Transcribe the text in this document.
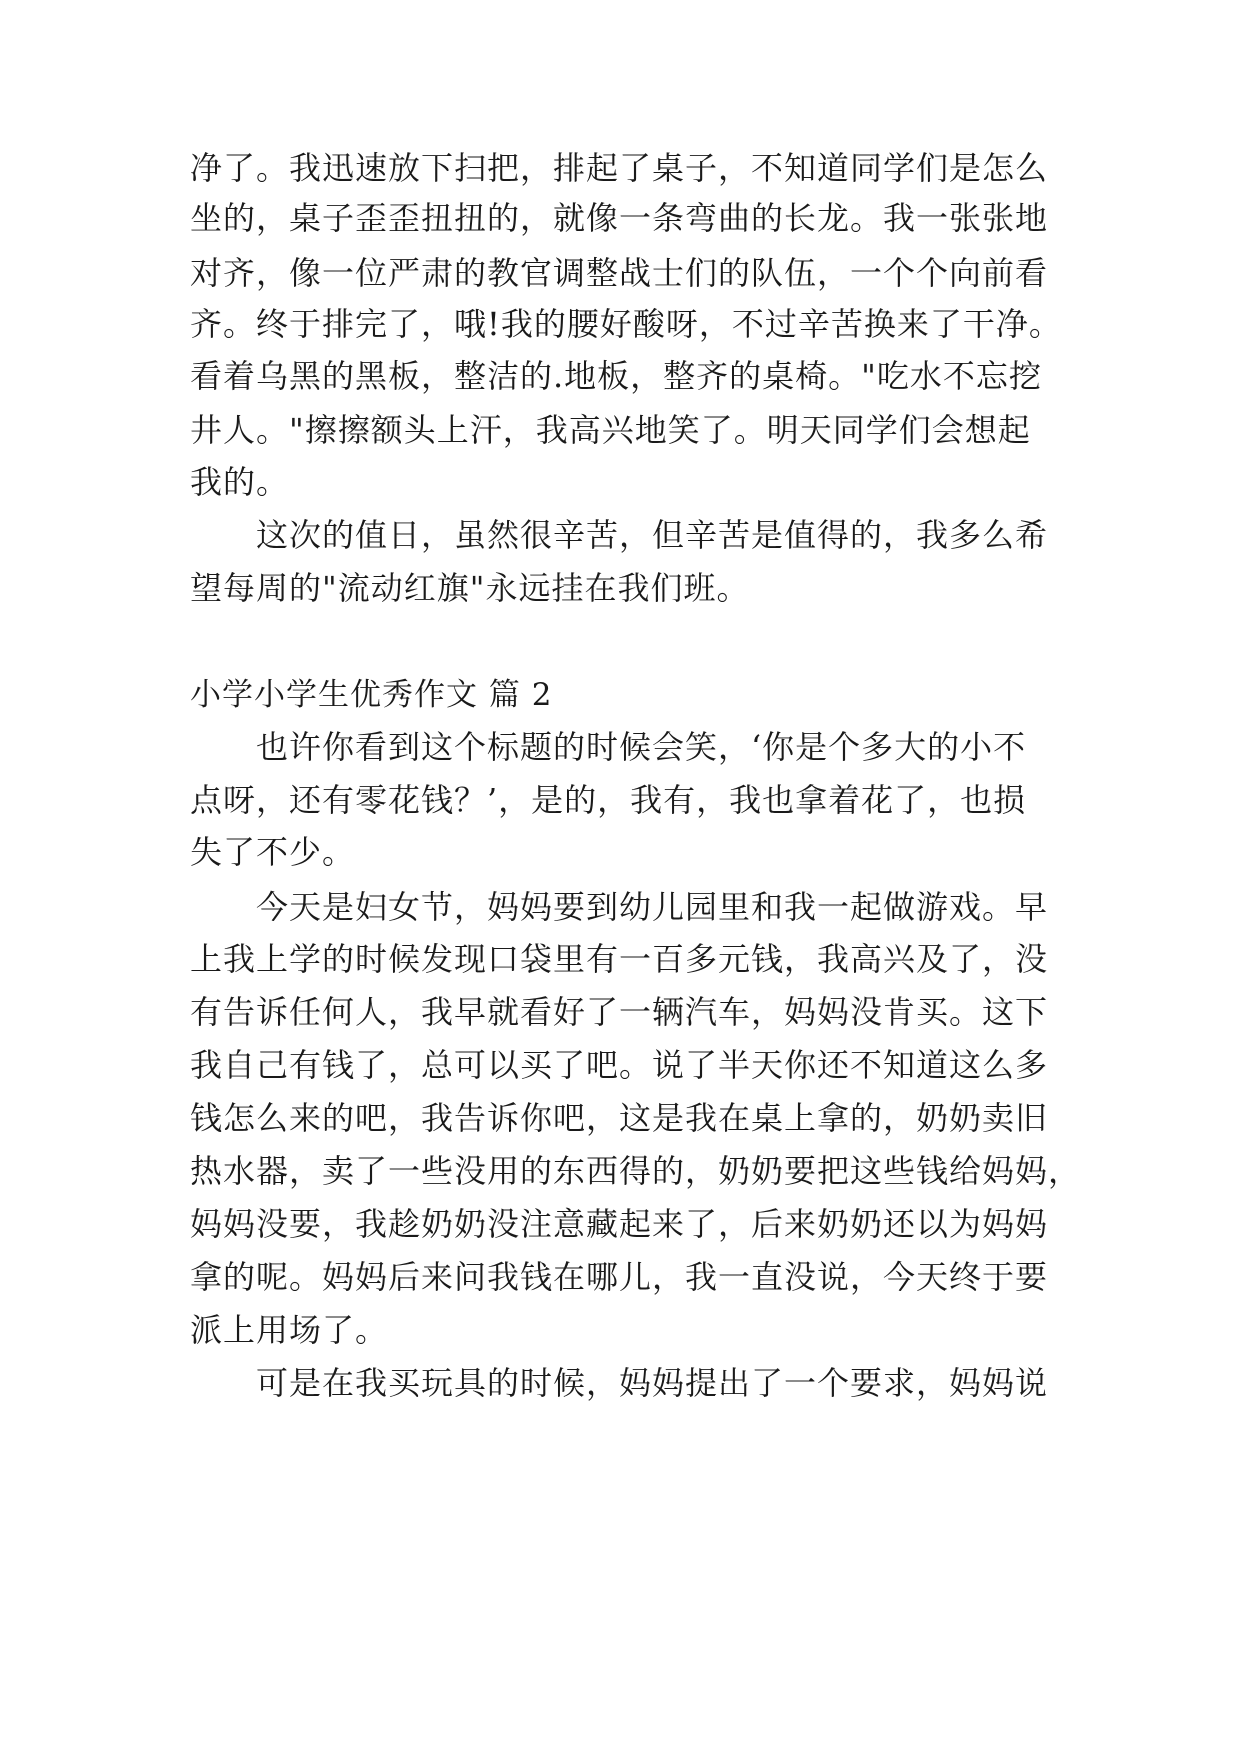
净了。我迅速放下扫把，排起了桌子，不知道同学们是怎么
坐的，桌子歪歪扭扭的，就像一条弯曲的长龙。我一张张地
对齐，像一位严肃的教官调整战士们的队伍，一个个向前看
齐。终于排完了，哦!我的腰好酸呀，不过辛苦换来了干净。
看着乌黑的黑板，整洁的.地板，整齐的桌椅。"吃水不忘挖
井人。"擦擦额头上汗，我高兴地笑了。明天同学们会想起
我的。
这次的值日，虽然很辛苦，但辛苦是值得的，我多么希
望每周的"流动红旗"永远挂在我们班。
小学小学生优秀作文 篇 2
也许你看到这个标题的时候会笑，‘你是个多大的小不
点呀，还有零花钱？’，是的，我有，我也拿着花了，也损
失了不少。
今天是妇女节，妈妈要到幼儿园里和我一起做游戏。早
上我上学的时候发现口袋里有一百多元钱，我高兴及了，没
有告诉任何人，我早就看好了一辆汽车，妈妈没肯买。这下
我自己有钱了，总可以买了吧。说了半天你还不知道这么多
钱怎么来的吧，我告诉你吧，这是我在桌上拿的，奶奶卖旧
热水器，卖了一些没用的东西得的，奶奶要把这些钱给妈妈，
妈妈没要，我趁奶奶没注意藏起来了，后来奶奶还以为妈妈
拿的呢。妈妈后来问我钱在哪儿，我一直没说，今天终于要
派上用场了。
可是在我买玩具的时候，妈妈提出了一个要求，妈妈说
